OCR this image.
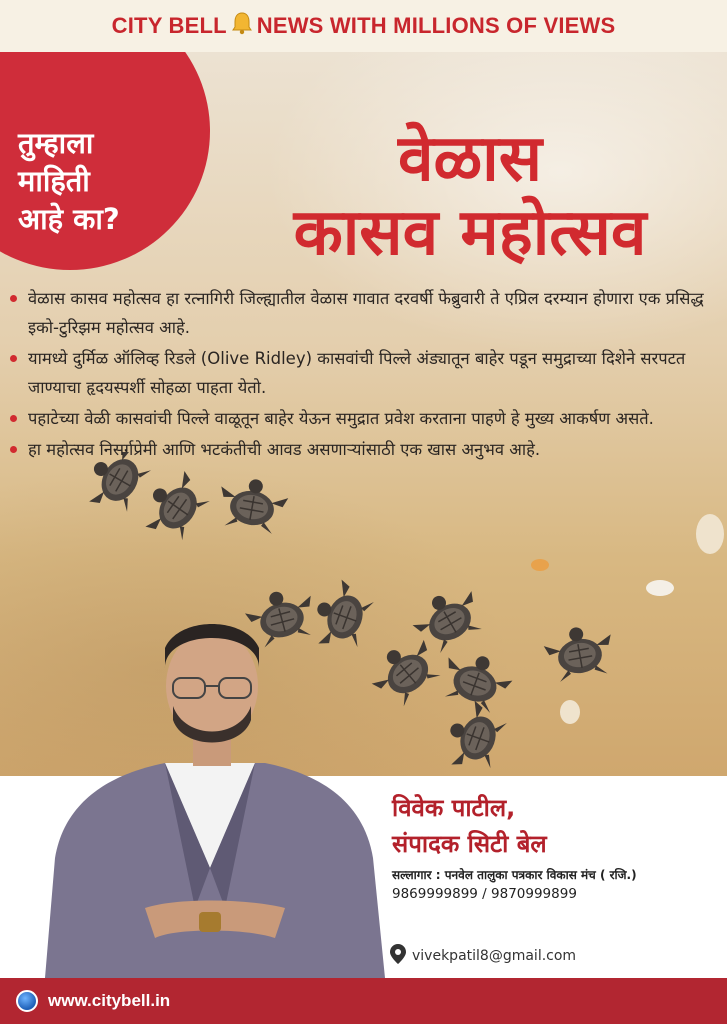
CITY BELL NEWS WITH MILLIONS OF VIEWS
तुम्हाला
माहिती
आहे का?
वेळास
कासव महोत्सव
वेळास कासव महोत्सव हा रत्नागिरी जिल्ह्यातील वेळास गावात दरवर्षी फेब्रुवारी ते एप्रिल दरम्यान होणारा एक प्रसिद्ध इको-टुरिझम महोत्सव आहे.
यामध्ये दुर्मिळ ऑलिव्ह रिडले (Olive Ridley) कासवांची पिल्ले अंड्यातून बाहेर पडून समुद्राच्या दिशेने सरपटत जाण्याचा हृदयस्पर्शी सोहळा पाहता येतो.
पहाटेच्या वेळी कासवांची पिल्ले वाळूतून बाहेर येऊन समुद्रात प्रवेश करताना पाहणे हे मुख्य आकर्षण असते.
हा महोत्सव निसर्गप्रेमी आणि भटकंतीची आवड असणाऱ्यांसाठी एक खास अनुभव आहे.
विवेक पाटील,
संपादक सिटी बेल
सल्लागार : पनवेल तालुका पत्रकार विकास मंच ( रजि.)
9869999899 / 9870999899
vivekpatil8@gmail.com
www.citybell.in
